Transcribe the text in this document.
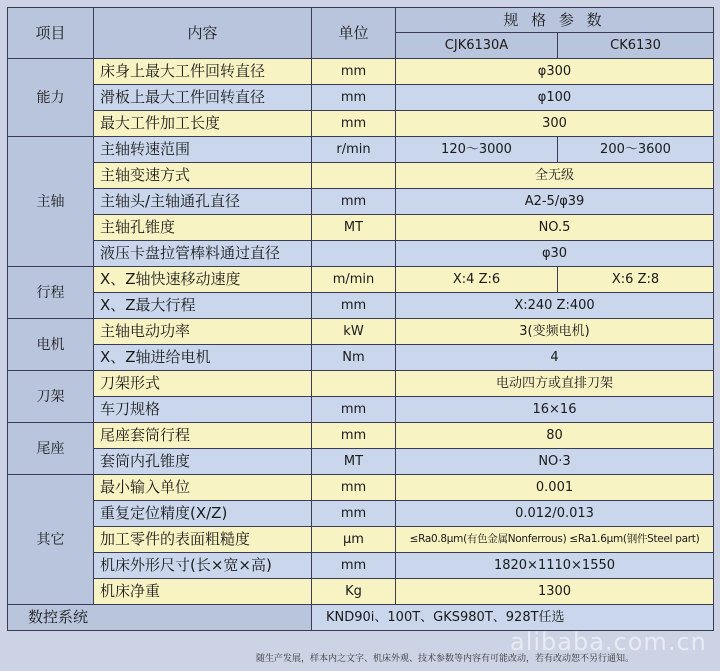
项目	内容	单位	规 格 参 数	
			CJK6130A	CK6130
能力	床身上最大工件回转直径	mm	φ300	
	滑板上最大工件回转直径	mm	φ100	
	最大工件加工长度	mm	300	
主轴	主轴转速范围	r/min	120～3000	200～3600
	主轴变速方式		全无级	
	主轴头/主轴通孔直径	mm	A2-5/φ39	
	主轴孔锥度	MT	NO.5	
	液压卡盘拉管棒料通过直径		φ30	
行程	X、Z轴快速移动速度	m/min	X:4 Z:6	X:6 Z:8
	X、Z最大行程	mm	X:240 Z:400	
电机	主轴电动功率	kW	3(变频电机)	
	X、Z轴进给电机	Nm	4	
刀架	刀架形式		电动四方或直排刀架	
	车刀规格	mm	16×16	
尾座	尾座套筒行程	mm	80	
	套筒内孔锥度	MT	NO·3	
其它	最小输入单位	mm	0.001	
	重复定位精度(X/Z)	mm	0.012/0.013	
	加工零件的表面粗糙度	μm	≤Ra0.8μm(有色金属Nonferrous) ≤Ra1.6μm(钢件Steel part)	
	机床外形尺寸(长×宽×高)	mm	1820×1110×1550	
	机床净重	Kg	1300	
数控系统		KND90i、100T、GKS980T、928T任选		
alibaba.com.cn
随生产发展，样本内之文字、机床外观、技术参数等内容有可能改动，若有改动恕不另行通知。
